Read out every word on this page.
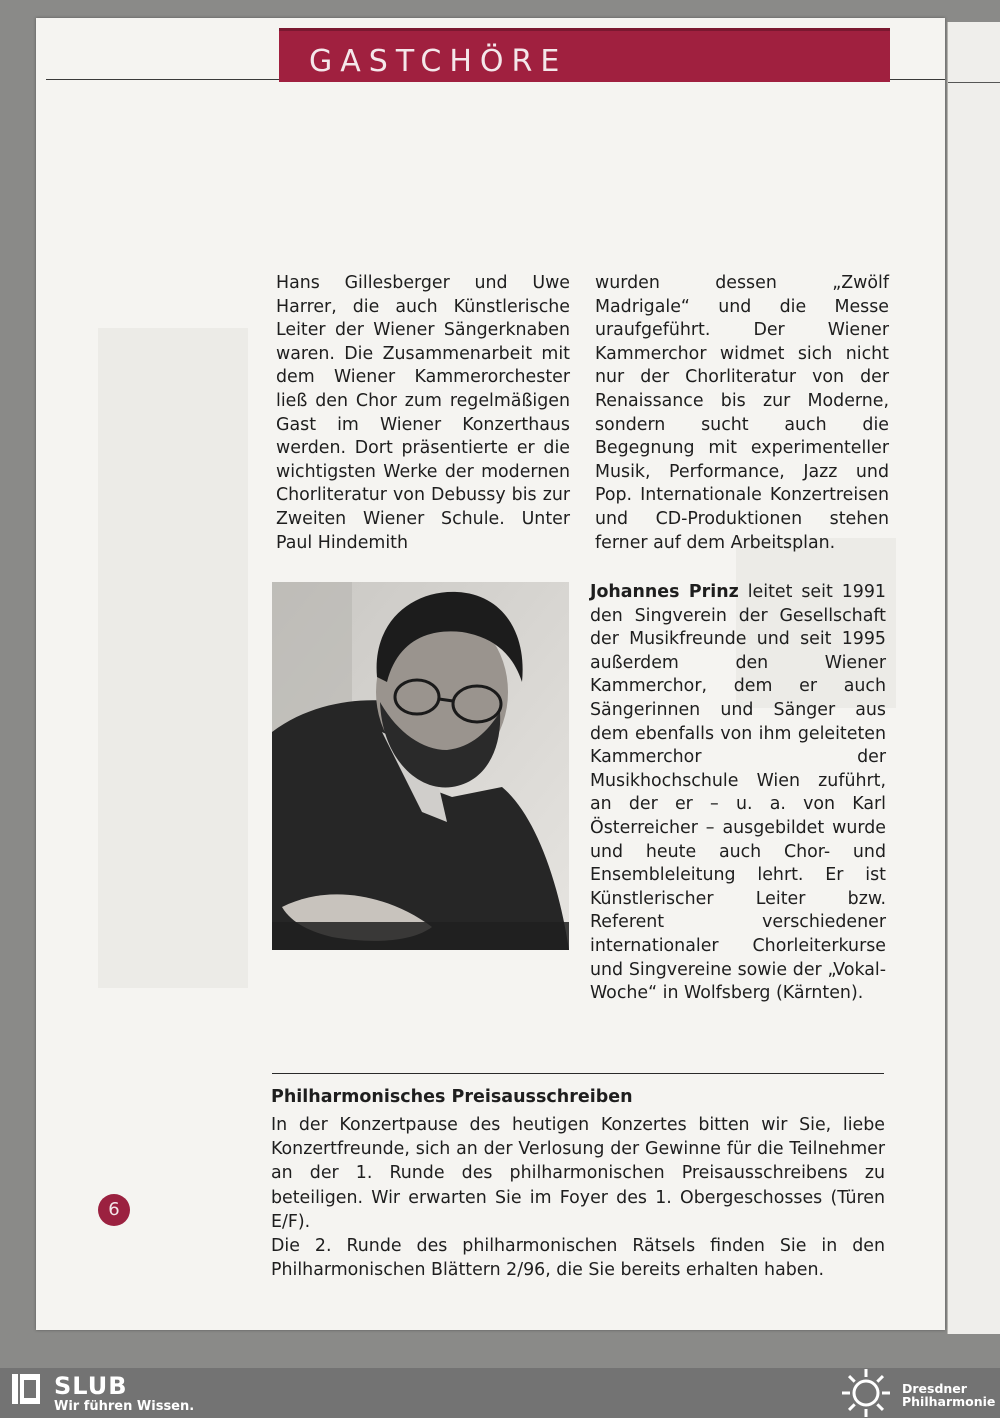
GASTCHÖRE
Hans Gillesberger und Uwe Harrer, die auch Künstlerische Leiter der Wiener Sängerknaben waren. Die Zusammenarbeit mit dem Wiener Kammerorchester ließ den Chor zum regelmäßigen Gast im Wiener Konzerthaus werden. Dort präsentierte er die wichtigsten Werke der modernen Chorliteratur von Debussy bis zur Zweiten Wiener Schule. Unter Paul Hindemith
wurden dessen „Zwölf Madrigale“ und die Messe uraufgeführt. Der Wiener Kammerchor widmet sich nicht nur der Chorliteratur von der Renaissance bis zur Moderne, sondern sucht auch die Begegnung mit experimenteller Musik, Performance, Jazz und Pop. Internationale Konzertreisen und CD-Produktionen stehen ferner auf dem Arbeitsplan.
Johannes Prinz leitet seit 1991 den Singverein der Gesellschaft der Musikfreunde und seit 1995 außerdem den Wiener Kammerchor, dem er auch Sängerinnen und Sänger aus dem ebenfalls von ihm geleiteten Kammerchor der Musikhochschule Wien zuführt, an der er – u. a. von Karl Österreicher – ausgebildet wurde und heute auch Chor- und Ensembleleitung lehrt. Er ist Künstlerischer Leiter bzw. Referent verschiedener internationaler Chorleiterkurse und Singvereine sowie der „Vokal-Woche“ in Wolfsberg (Kärnten).
Philharmonisches Preisausschreiben

In der Konzertpause des heutigen Konzertes bitten wir Sie, liebe Konzertfreunde, sich an der Verlosung der Gewinne für die Teilnehmer an der 1. Runde des philharmonischen Preisausschreibens zu beteiligen. Wir erwarten Sie im Foyer des 1. Obergeschosses (Türen E/F).

Die 2. Runde des philharmonischen Rätsels finden Sie in den Philharmonischen Blättern 2/96, die Sie bereits erhalten haben.

6
SLUB
Wir führen Wissen.
Dresdner
Philharmonie
